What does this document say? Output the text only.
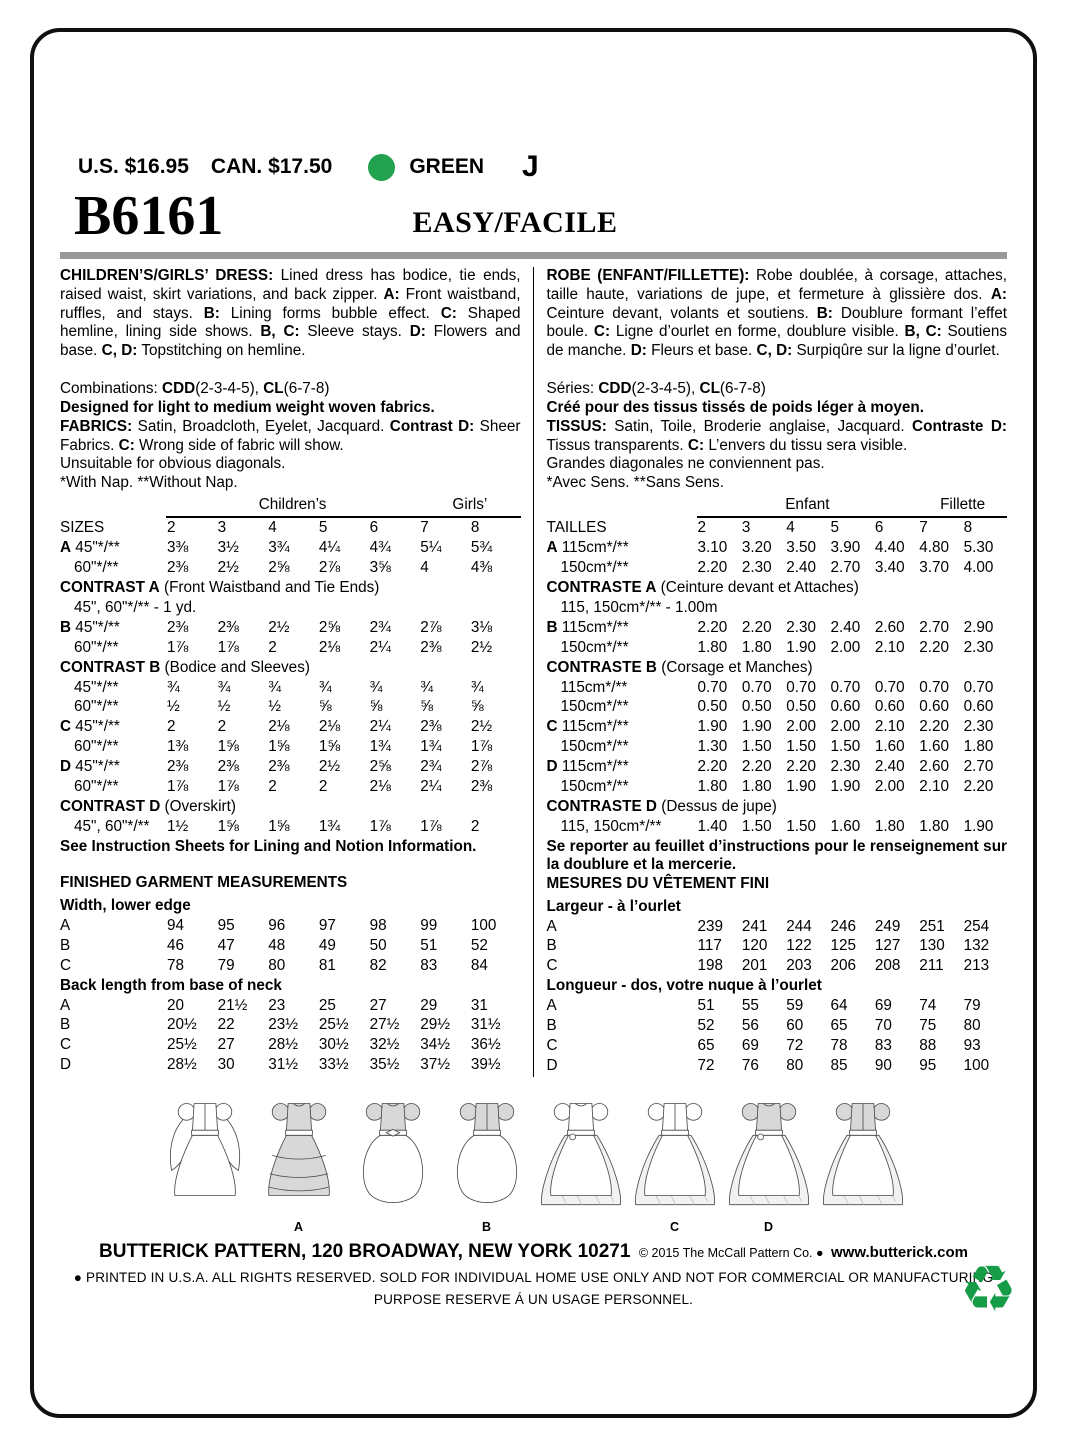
U.S. $16.95 CAN. $17.50	GREEN J
B6161	EASY/FACILE
CHILDREN’S/GIRLS’ DRESS: Lined dress has bodice, tie ends, raised waist, skirt variations, and back zipper. A: Front waistband, ruffles, and stays. B: Lining forms bubble effect. C: Shaped hemline, lining side shows. B, C: Sleeve stays. D: Flowers and base. C, D: Topstitching on hemline.
Combinations: CDD(2-3-4-5), CL(6-7-8)
Designed for light to medium weight woven fabrics.
FABRICS: Satin, Broadcloth, Eyelet, Jacquard. Contrast D: Sheer Fabrics. C: Wrong side of fabric will show.
Unsuitable for obvious diagonals.
*With Nap. **Without Nap.
	Children’s					Girls’	
SIZES	2	3	4	5	6	7	8
A 45"*/**	3⅜	3½	3¾	4¼	4¾	5¼	5¾
60"*/**	2⅜	2½	2⅝	2⅞	3⅝	4	4⅜
CONTRAST A (Front Waistband and Tie Ends)							
45", 60"*/** - 1 yd.							
B 45"*/**	2⅜	2⅜	2½	2⅝	2¾	2⅞	3⅛
60"*/**	1⅞	1⅞	2	2⅛	2¼	2⅜	2½
CONTRAST B (Bodice and Sleeves)							
45"*/**	¾	¾	¾	¾	¾	¾	¾
60"*/**	½	½	½	⅝	⅝	⅝	⅝
C 45"*/**	2	2	2⅛	2⅛	2¼	2⅜	2½
60"*/**	1⅜	1⅝	1⅝	1⅝	1¾	1¾	1⅞
D 45"*/**	2⅜	2⅜	2⅜	2½	2⅝	2¾	2⅞
60"*/**	1⅞	1⅞	2	2	2⅛	2¼	2⅜
CONTRAST D (Overskirt)							
45", 60"*/**	1½	1⅝	1⅝	1¾	1⅞	1⅞	2
See Instruction Sheets for Lining and Notion Information.
FINISHED GARMENT MEASUREMENTS
Width, lower edge							
A	94	95	96	97	98	99	100
B	46	47	48	49	50	51	52
C	78	79	80	81	82	83	84
Back length from base of neck							
A	20	21½	23	25	27	29	31
B	20½	22	23½	25½	27½	29½	31½
C	25½	27	28½	30½	32½	34½	36½
D	28½	30	31½	33½	35½	37½	39½
ROBE (ENFANT/FILLETTE): Robe doublée, à corsage, attaches, taille haute, variations de jupe, et fermeture à glissière dos. A: Ceinture devant, volants et soutiens. B: Doublure formant l’effet boule. C: Ligne d’ourlet en forme, doublure visible. B, C: Soutiens de manche. D: Fleurs et base. C, D: Surpiqûre sur la ligne d’ourlet.
Séries: CDD(2-3-4-5), CL(6-7-8)
Créé pour des tissus tissés de poids léger à moyen.
TISSUS: Satin, Toile, Broderie anglaise, Jacquard. Contraste D: Tissus transparents. C: L’envers du tissu sera visible.
Grandes diagonales ne conviennent pas.
*Avec Sens. **Sans Sens.
	Enfant					Fillette	
TAILLES	2	3	4	5	6	7	8
A 115cm*/**	3.10	3.20	3.50	3.90	4.40	4.80	5.30
150cm*/**	2.20	2.30	2.40	2.70	3.40	3.70	4.00
CONTRASTE A (Ceinture devant et Attaches)							
115, 150cm*/** - 1.00m							
B 115cm*/**	2.20	2.20	2.30	2.40	2.60	2.70	2.90
150cm*/**	1.80	1.80	1.90	2.00	2.10	2.20	2.30
CONTRASTE B (Corsage et Manches)							
115cm*/**	0.70	0.70	0.70	0.70	0.70	0.70	0.70
150cm*/**	0.50	0.50	0.50	0.60	0.60	0.60	0.60
C 115cm*/**	1.90	1.90	2.00	2.00	2.10	2.20	2.30
150cm*/**	1.30	1.50	1.50	1.50	1.60	1.60	1.80
D 115cm*/**	2.20	2.20	2.20	2.30	2.40	2.60	2.70
150cm*/**	1.80	1.80	1.90	1.90	2.00	2.10	2.20
CONTRASTE D (Dessus de jupe)							
115, 150cm*/**	1.40	1.50	1.50	1.60	1.80	1.80	1.90
Se reporter au feuillet d’instructions pour le renseignement sur la doublure et la mercerie.
MESURES DU VÊTEMENT FINI
Largeur - à l’ourlet							
A	239	241	244	246	249	251	254
B	117	120	122	125	127	130	132
C	198	201	203	206	208	211	213
Longueur - dos, votre nuque à l’ourlet							
A	51	55	59	64	69	74	79
B	52	56	60	65	70	75	80
C	65	69	72	78	83	88	93
D	72	76	80	85	90	95	100
A	B	C	D
BUTTERICK PATTERN, 120 BROADWAY, NEW YORK 10271 © 2015 The McCall Pattern Co. ● www.butterick.com
● PRINTED IN U.S.A. ALL RIGHTS RESERVED. SOLD FOR INDIVIDUAL HOME USE ONLY AND NOT FOR COMMERCIAL OR MANUFACTURING
PURPOSE RESERVE Á UN USAGE PERSONNEL.	♻
